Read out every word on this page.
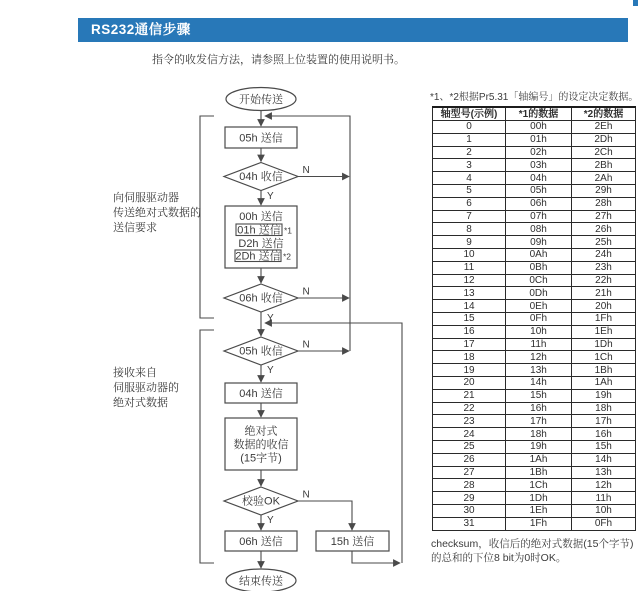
RS232通信步骤
指令的收发信方法，请参照上位装置的使用说明书。
*1、*2根据Pr5.31「轴编号」的设定决定数据。
向伺服驱动器
传送绝对式数据的
送信要求
接收来自
伺服驱动器的
绝对式数据
开始传送
05h 送信
04h 收信
N
Y
00h 送信
01h 送信 *1
D2h 送信
2Dh 送信 *2
06h 收信
N
Y
05h 收信
N
Y
04h 送信
绝对式
数据的收信
(15字节)
校验OK
N
Y
06h 送信	15h 送信
结束传送
轴型号(示例)	*1的数据	*2的数据
0	00h	2Eh
1	01h	2Dh
2	02h	2Ch
3	03h	2Bh
4	04h	2Ah
5	05h	29h
6	06h	28h
7	07h	27h
8	08h	26h
9	09h	25h
10	0Ah	24h
11	0Bh	23h
12	0Ch	22h
13	0Dh	21h
14	0Eh	20h
15	0Fh	1Fh
16	10h	1Eh
17	11h	1Dh
18	12h	1Ch
19	13h	1Bh
20	14h	1Ah
21	15h	19h
22	16h	18h
23	17h	17h
24	18h	16h
25	19h	15h
26	1Ah	14h
27	1Bh	13h
28	1Ch	12h
29	1Dh	11h
30	1Eh	10h
31	1Fh	0Fh
checksum，收信后的绝对式数据(15个字节)
的总和的下位8 bit为0时OK。
